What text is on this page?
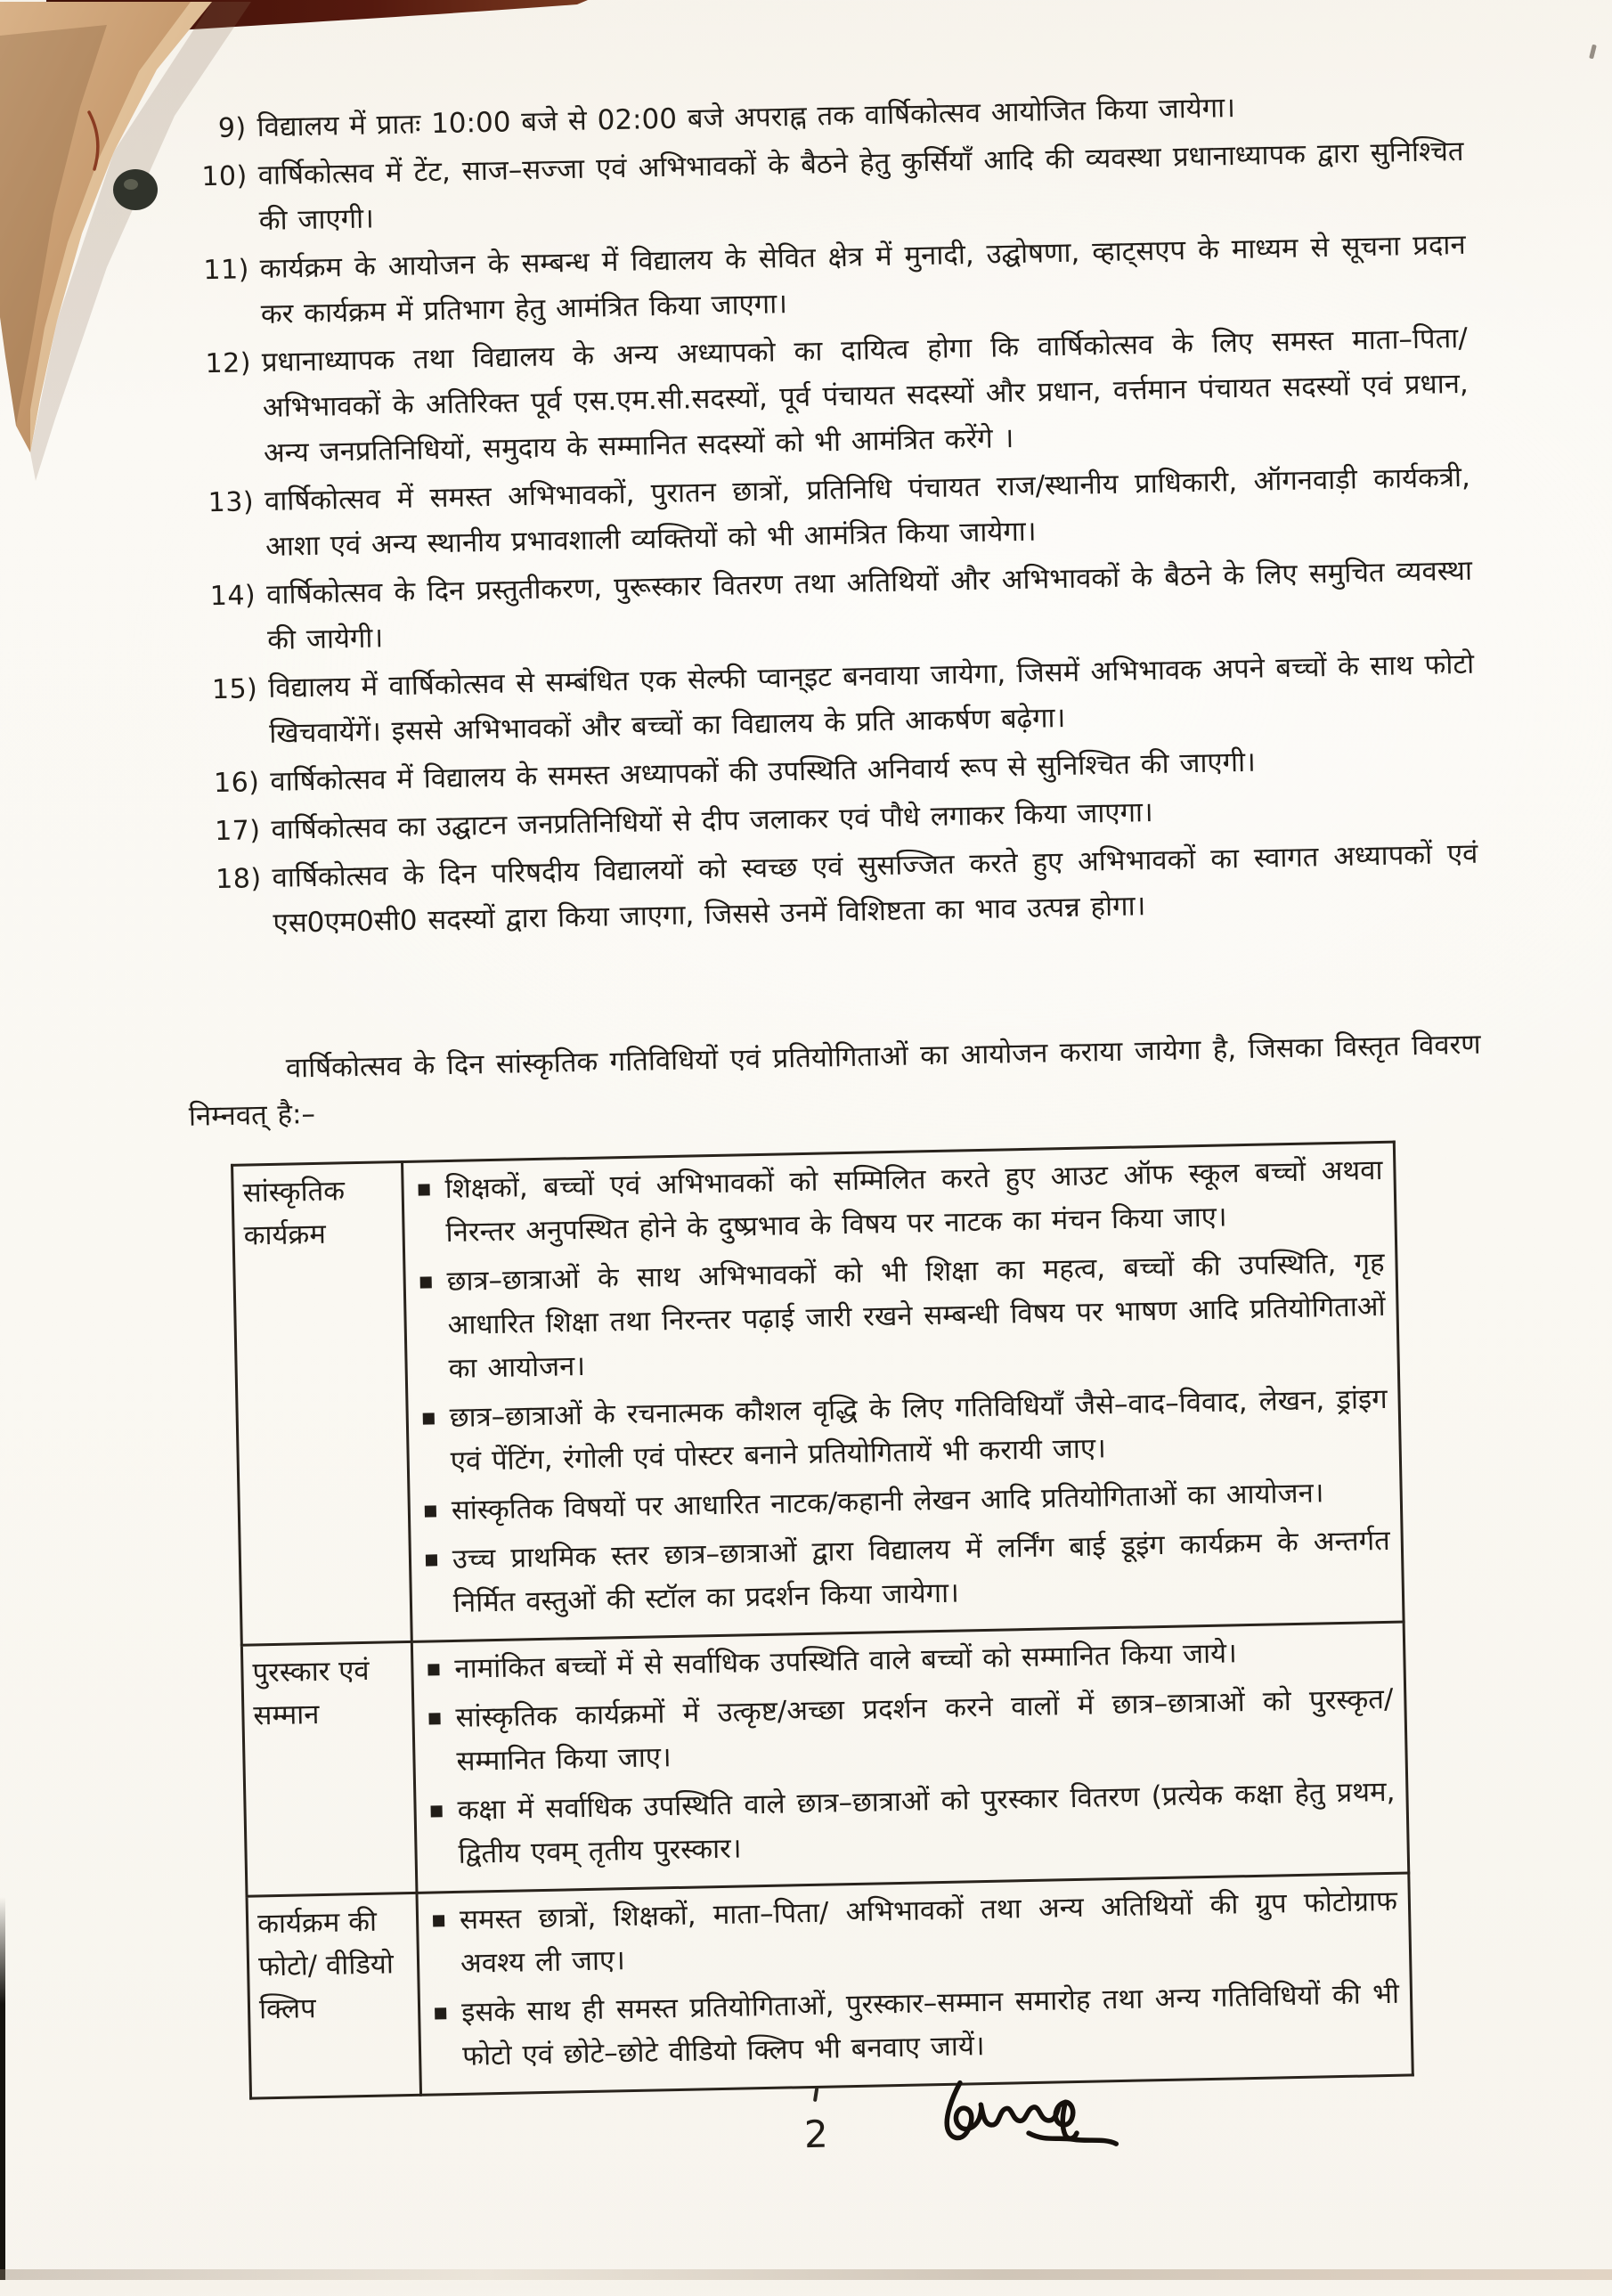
9) विद्यालय में प्रातः 10:00 बजे से 02:00 बजे अपराह्न तक वार्षिकोत्सव आयोजित किया जायेगा।
10) वार्षिकोत्सव में टेंट, साज–सज्जा एवं अभिभावकों के बैठने हेतु कुर्सियाँ आदि की व्यवस्था प्रधानाध्यापक द्वारा सुनिश्चित की जाएगी।
11) कार्यक्रम के आयोजन के सम्बन्ध में विद्यालय के सेवित क्षेत्र में मुनादी, उद्घोषणा, व्हाट्सएप के माध्यम से सूचना प्रदान कर कार्यक्रम में प्रतिभाग हेतु आमंत्रित किया जाएगा।
12) प्रधानाध्यापक तथा विद्यालय के अन्य अध्यापको का दायित्व होगा कि वार्षिकोत्सव के लिए समस्त माता–पिता/अभिभावकों के अतिरिक्त पूर्व एस.एम.सी.सदस्यों, पूर्व पंचायत सदस्यों और प्रधान, वर्त्तमान पंचायत सदस्यों एवं प्रधान, अन्य जनप्रतिनिधियों, समुदाय के सम्मानित सदस्यों को भी आमंत्रित करेंगे ।
13) वार्षिकोत्सव में समस्त अभिभावकों, पुरातन छात्रों, प्रतिनिधि पंचायत राज/स्थानीय प्राधिकारी, ऑगनवाड़ी कार्यकत्री, आशा एवं अन्य स्थानीय प्रभावशाली व्यक्तियों को भी आमंत्रित किया जायेगा।
14) वार्षिकोत्सव के दिन प्रस्तुतीकरण, पुरूस्कार वितरण तथा अतिथियों और अभिभावकों के बैठने के लिए समुचित व्यवस्था की जायेगी।
15) विद्यालय में वार्षिकोत्सव से सम्बंधित एक सेल्फी प्वान्इट बनवाया जायेगा, जिसमें अभिभावक अपने बच्चों के साथ फोटो खिचवायेंगें। इससे अभिभावकों और बच्चों का विद्यालय के प्रति आकर्षण बढ़ेगा।
16) वार्षिकोत्सव में विद्यालय के समस्त अध्यापकों की उपस्थिति अनिवार्य रूप से सुनिश्चित की जाएगी।
17) वार्षिकोत्सव का उद्घाटन जनप्रतिनिधियों से दीप जलाकर एवं पौधे लगाकर किया जाएगा।
18) वार्षिकोत्सव के दिन परिषदीय विद्यालयों को स्वच्छ एवं सुसज्जित करते हुए अभिभावकों का स्वागत अध्यापकों एवं एस0एम0सी0 सदस्यों द्वारा किया जाएगा, जिससे उनमें विशिष्टता का भाव उत्पन्न होगा।
वार्षिकोत्सव के दिन सांस्कृतिक गतिविधियों एवं प्रतियोगिताओं का आयोजन कराया जायेगा है, जिसका विस्तृत विवरण निम्नवत् है:–
सांस्कृतिक कार्यक्रम	शिक्षकों, बच्चों एवं अभिभावकों को सम्मिलित करते हुए आउट ऑफ स्कूल बच्चों अथवा निरन्तर अनुपस्थित होने के दुष्प्रभाव के विषय पर नाटक का मंचन किया जाए।
छात्र–छात्राओं के साथ अभिभावकों को भी शिक्षा का महत्व, बच्चों की उपस्थिति, गृह आधारित शिक्षा तथा निरन्तर पढ़ाई जारी रखने सम्बन्धी विषय पर भाषण आदि प्रतियोगिताओं का आयोजन।
छात्र–छात्राओं के रचनात्मक कौशल वृद्धि के लिए गतिविधियाँ जैसे–वाद–विवाद, लेखन, ड्रांइग एवं पेंटिंग, रंगोली एवं पोस्टर बनाने प्रतियोगितायें भी करायी जाए।
सांस्कृतिक विषयों पर आधारित नाटक/कहानी लेखन आदि प्रतियोगिताओं का आयोजन।
उच्च प्राथमिक स्तर छात्र–छात्राओं द्वारा विद्यालय में लर्निंग बाई डूइंग कार्यक्रम के अन्तर्गत निर्मित वस्तुओं की स्टॉल का प्रदर्शन किया जायेगा।

पुरस्कार एवं सम्मान	नामांकित बच्चों में से सर्वाधिक उपस्थिति वाले बच्चों को सम्मानित किया जाये।
सांस्कृतिक कार्यक्रमों में उत्कृष्ट/अच्छा प्रदर्शन करने वालों में छात्र–छात्राओं को पुरस्कृत/सम्मानित किया जाए।
कक्षा में सर्वाधिक उपस्थिति वाले छात्र–छात्राओं को पुरस्कार वितरण (प्रत्येक कक्षा हेतु प्रथम, द्वितीय एवम् तृतीय पुरस्कार।

कार्यक्रम की फोटो/ वीडियो क्लिप	समस्त छात्रों, शिक्षकों, माता–पिता/ अभिभावकों तथा अन्य अतिथियों की ग्रुप फोटोग्राफ अवश्य ली जाए।
इसके साथ ही समस्त प्रतियोगिताओं, पुरस्कार–सम्मान समारोह तथा अन्य गतिविधियों की भी फोटो एवं छोटे–छोटे वीडियो क्लिप भी बनवाए जायें।
2
